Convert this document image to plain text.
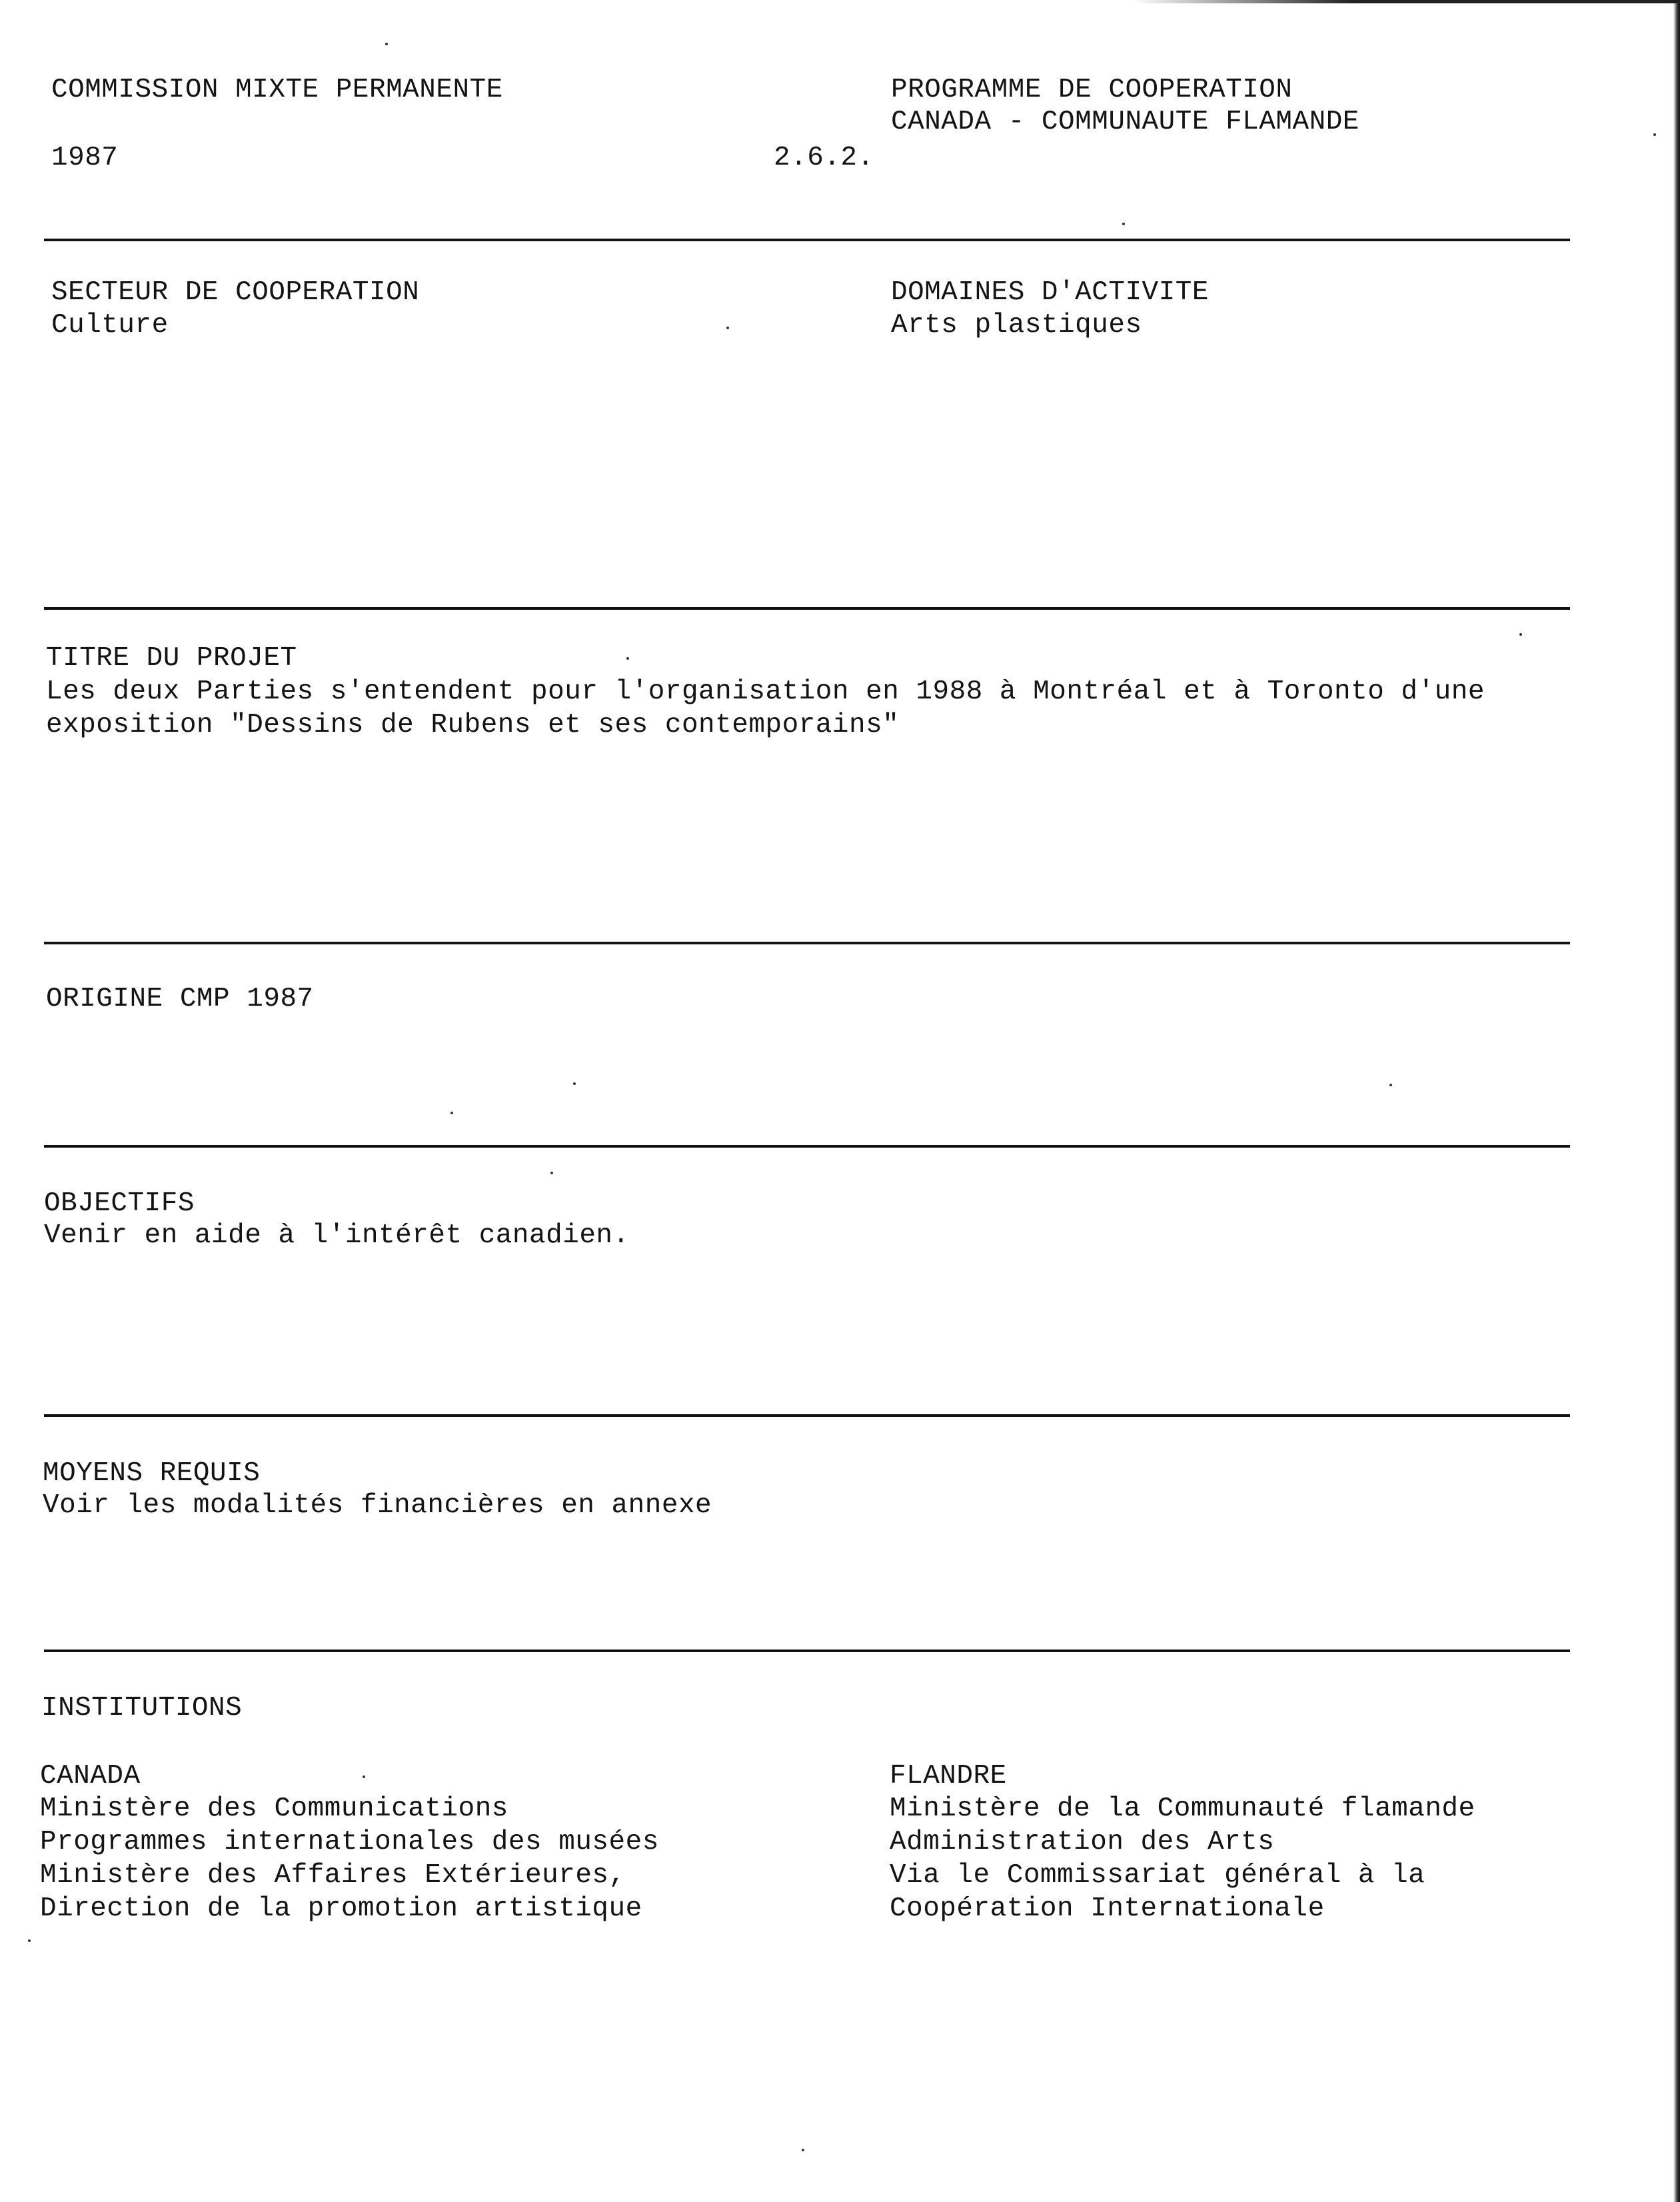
COMMISSION MIXTE PERMANENTE
1987	2.6.2.
PROGRAMME DE COOPERATION
CANADA - COMMUNAUTE FLAMANDE
SECTEUR DE COOPERATION
Culture
DOMAINES D'ACTIVITE
Arts plastiques
TITRE DU PROJET
Les deux Parties s'entendent pour l'organisation en 1988 à Montréal et à Toronto d'une
exposition "Dessins de Rubens et ses contemporains"
ORIGINE CMP 1987
OBJECTIFS
Venir en aide à l'intérêt canadien.
MOYENS REQUIS
Voir les modalités financières en annexe
INSTITUTIONS
CANADA
Ministère des Communications
Programmes internationales des musées
Ministère des Affaires Extérieures,
Direction de la promotion artistique
FLANDRE
Ministère de la Communauté flamande
Administration des Arts
Via le Commissariat général à la
Coopération Internationale
